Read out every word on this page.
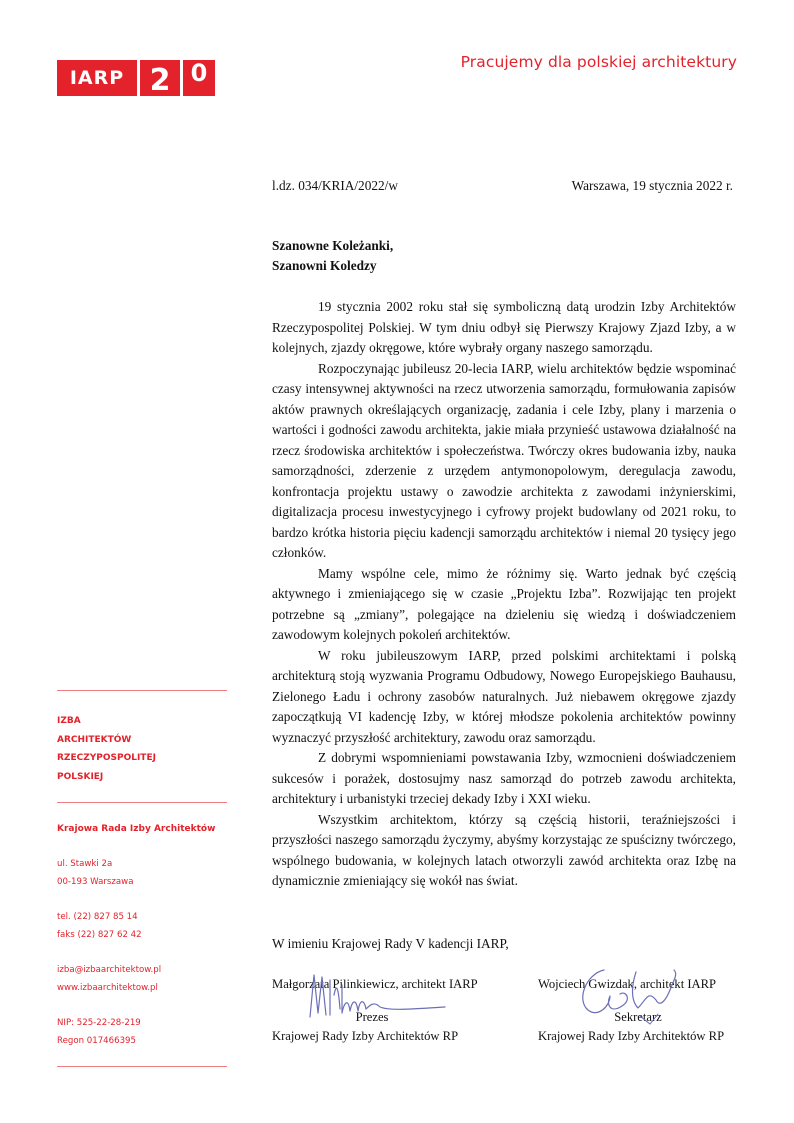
IARP 2 0	Pracujemy dla polskiej architektury
l.dz. 034/KRIA/2022/w	Warszawa, 19 stycznia 2022 r.
Szanowne Koleżanki,
Szanowni Koledzy

19 stycznia 2002 roku stał się symboliczną datą urodzin Izby Architektów Rzeczypospolitej Polskiej. W tym dniu odbył się Pierwszy Krajowy Zjazd Izby, a w kolejnych, zjazdy okręgowe, które wybrały organy naszego samorządu.

Rozpoczynając jubileusz 20-lecia IARP, wielu architektów będzie wspominać czasy intensywnej aktywności na rzecz utworzenia samorządu, formułowania zapisów aktów prawnych określających organizację, zadania i cele Izby, plany i marzenia o wartości i godności zawodu architekta, jakie miała przynieść ustawowa działalność na rzecz środowiska architektów i społeczeństwa. Twórczy okres budowania izby, nauka samorządności, zderzenie z urzędem antymonopolowym, deregulacja zawodu, konfrontacja projektu ustawy o zawodzie architekta z zawodami inżynierskimi, digitalizacja procesu inwestycyjnego i cyfrowy projekt budowlany od 2021 roku, to bardzo krótka historia pięciu kadencji samorządu architektów i niemal 20 tysięcy jego członków.

Mamy wspólne cele, mimo że różnimy się. Warto jednak być częścią aktywnego i zmieniającego się w czasie „Projektu Izba”. Rozwijając ten projekt potrzebne są „zmiany”, polegające na dzieleniu się wiedzą i doświadczeniem zawodowym kolejnych pokoleń architektów.

W roku jubileuszowym IARP, przed polskimi architektami i polską architekturą stoją wyzwania Programu Odbudowy, Nowego Europejskiego Bauhausu, Zielonego Ładu i ochrony zasobów naturalnych. Już niebawem okręgowe zjazdy zapoczątkują VI kadencję Izby, w której młodsze pokolenia architektów powinny wyznaczyć przyszłość architektury, zawodu oraz samorządu.

Z dobrymi wspomnieniami powstawania Izby, wzmocnieni doświadczeniem sukcesów i porażek, dostosujmy nasz samorząd do potrzeb zawodu architekta, architektury i urbanistyki trzeciej dekady Izby i XXI wieku.

Wszystkim architektom, którzy są częścią historii, teraźniejszości i przyszłości naszego samorządu życzymy, abyśmy korzystając ze spuścizny twórczego, wspólnego budowania, w kolejnych latach otworzyli zawód architekta oraz Izbę na dynamicznie zmieniający się wokół nas świat.

W imieniu Krajowej Rady V kadencji IARP,
Małgorzata Pilinkiewicz, architekt IARP
Prezes
Krajowej Rady Izby Architektów RP
Wojciech Gwizdak, architekt IARP
Sekretarz
Krajowej Rady Izby Architektów RP
IZBA
ARCHITEKTÓW
RZECZYPOSPOLITEJ
POLSKIEJ
Krajowa Rada Izby Architektów
ul. Stawki 2a
00-193 Warszawa
tel. (22) 827 85 14
faks (22) 827 62 42
izba@izbaarchitektow.pl
www.izbaarchitektow.pl
NIP: 525-22-28-219
Regon 017466395
